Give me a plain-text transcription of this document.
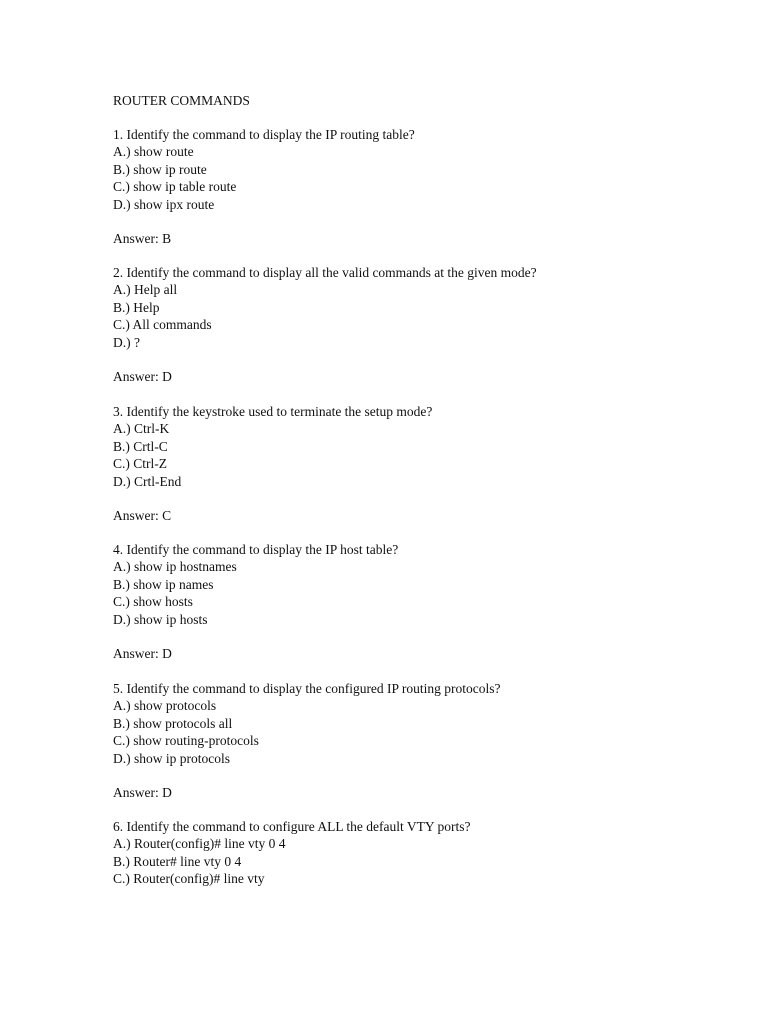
ROUTER COMMANDS
1. Identify the command to display the IP routing table?
A.) show route
B.) show ip route
C.) show ip table route
D.) show ipx route
Answer: B
2. Identify the command to display all the valid commands at the given mode?
A.) Help all
B.) Help
C.) All commands
D.) ?
Answer: D
3. Identify the keystroke used to terminate the setup mode?
A.) Ctrl-K
B.) Crtl-C
C.) Ctrl-Z
D.) Crtl-End
Answer: C
4. Identify the command to display the IP host table?
A.) show ip hostnames
B.) show ip names
C.) show hosts
D.) show ip hosts
Answer: D
5. Identify the command to display the configured IP routing protocols?
A.) show protocols
B.) show protocols all
C.) show routing-protocols
D.) show ip protocols
Answer: D
6. Identify the command to configure ALL the default VTY ports?
A.) Router(config)# line vty 0 4
B.) Router# line vty 0 4
C.) Router(config)# line vty
